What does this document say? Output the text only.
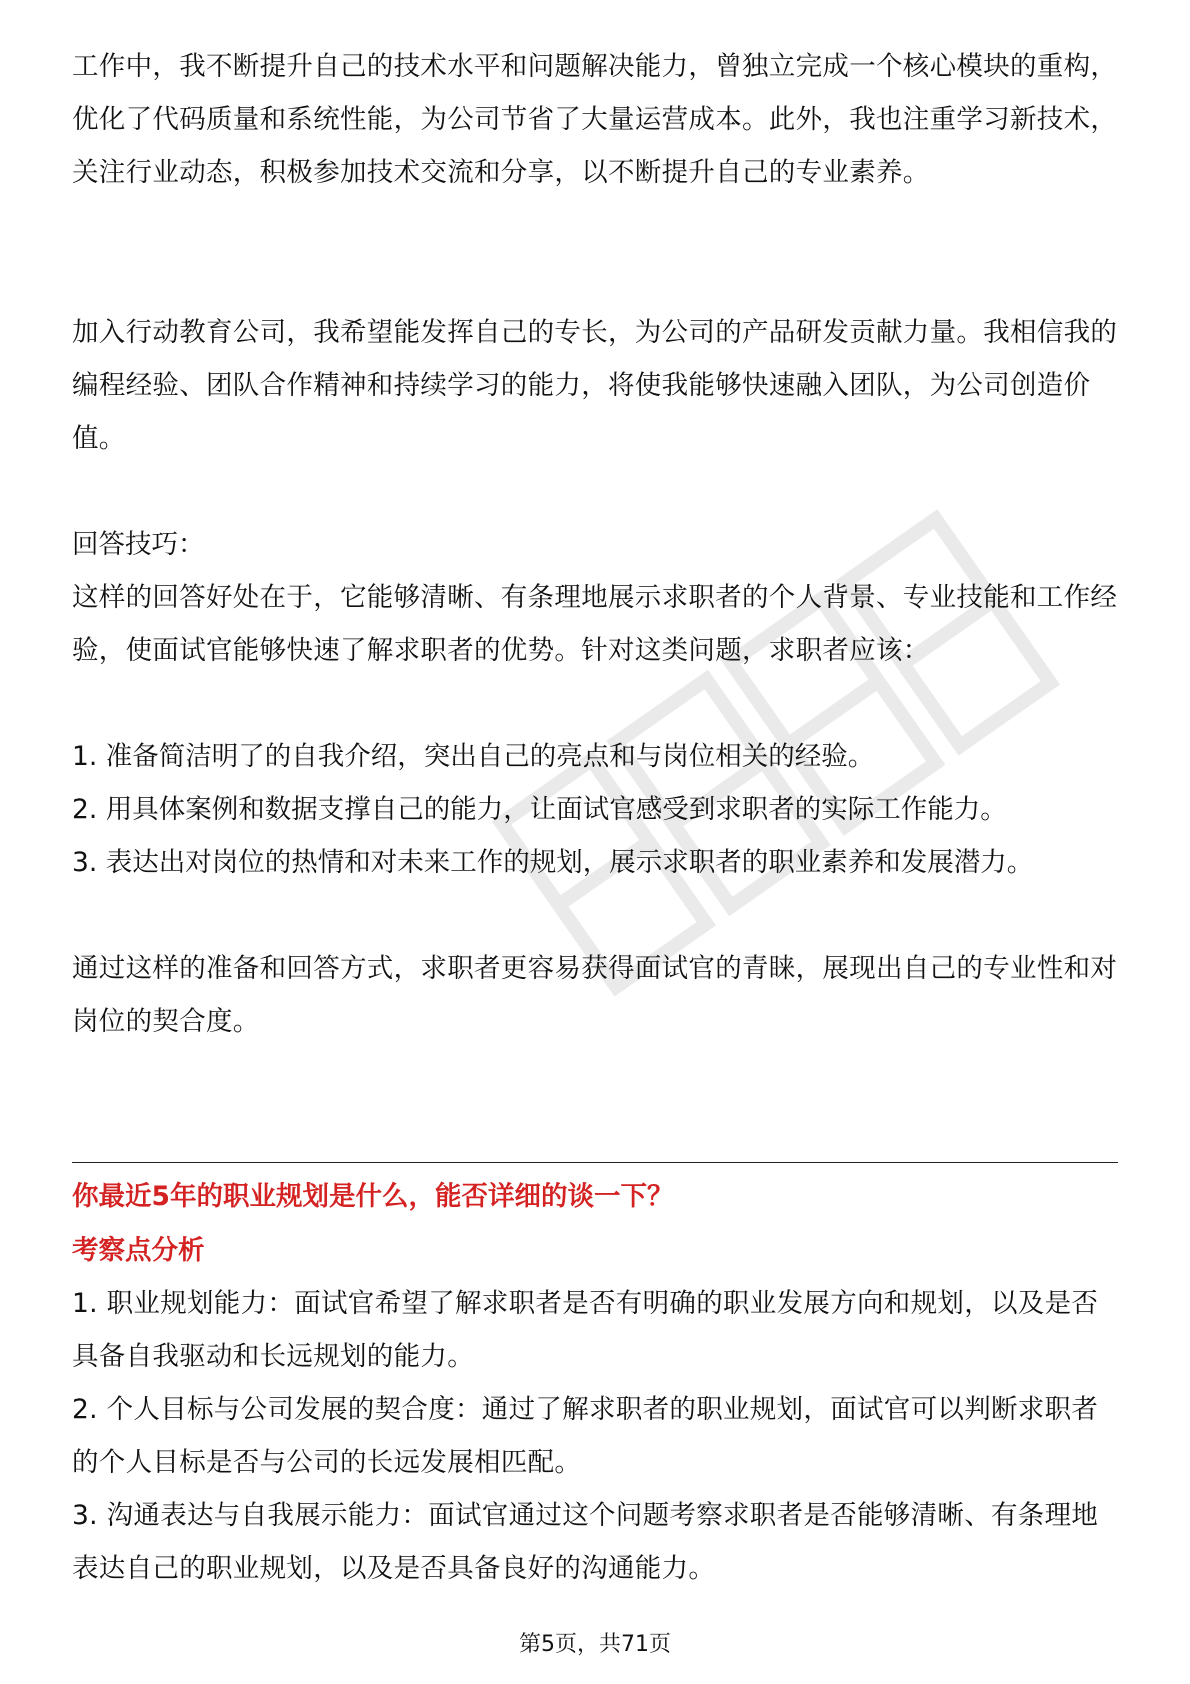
工作中，我不断提升自己的技术水平和问题解决能力，曾独立完成一个核心模块的重构，优化了代码质量和系统性能，为公司节省了大量运营成本。此外，我也注重学习新技术，关注行业动态，积极参加技术交流和分享，以不断提升自己的专业素养。

加入行动教育公司，我希望能发挥自己的专长，为公司的产品研发贡献力量。我相信我的编程经验、团队合作精神和持续学习的能力，将使我能够快速融入团队，为公司创造价值。

回答技巧：

这样的回答好处在于，它能够清晰、有条理地展示求职者的个人背景、专业技能和工作经验，使面试官能够快速了解求职者的优势。针对这类问题，求职者应该：

1. 准备简洁明了的自我介绍，突出自己的亮点和与岗位相关的经验。

2. 用具体案例和数据支撑自己的能力，让面试官感受到求职者的实际工作能力。

3. 表达出对岗位的热情和对未来工作的规划，展示求职者的职业素养和发展潜力。

通过这样的准备和回答方式，求职者更容易获得面试官的青睐，展现出自己的专业性和对岗位的契合度。

你最近5年的职业规划是什么，能否详细的谈一下？

考察点分析

1. 职业规划能力：面试官希望了解求职者是否有明确的职业发展方向和规划，以及是否具备自我驱动和长远规划的能力。

2. 个人目标与公司发展的契合度：通过了解求职者的职业规划，面试官可以判断求职者的个人目标是否与公司的长远发展相匹配。

3. 沟通表达与自我展示能力：面试官通过这个问题考察求职者是否能够清晰、有条理地表达自己的职业规划，以及是否具备良好的沟通能力。

第5页，共71页
